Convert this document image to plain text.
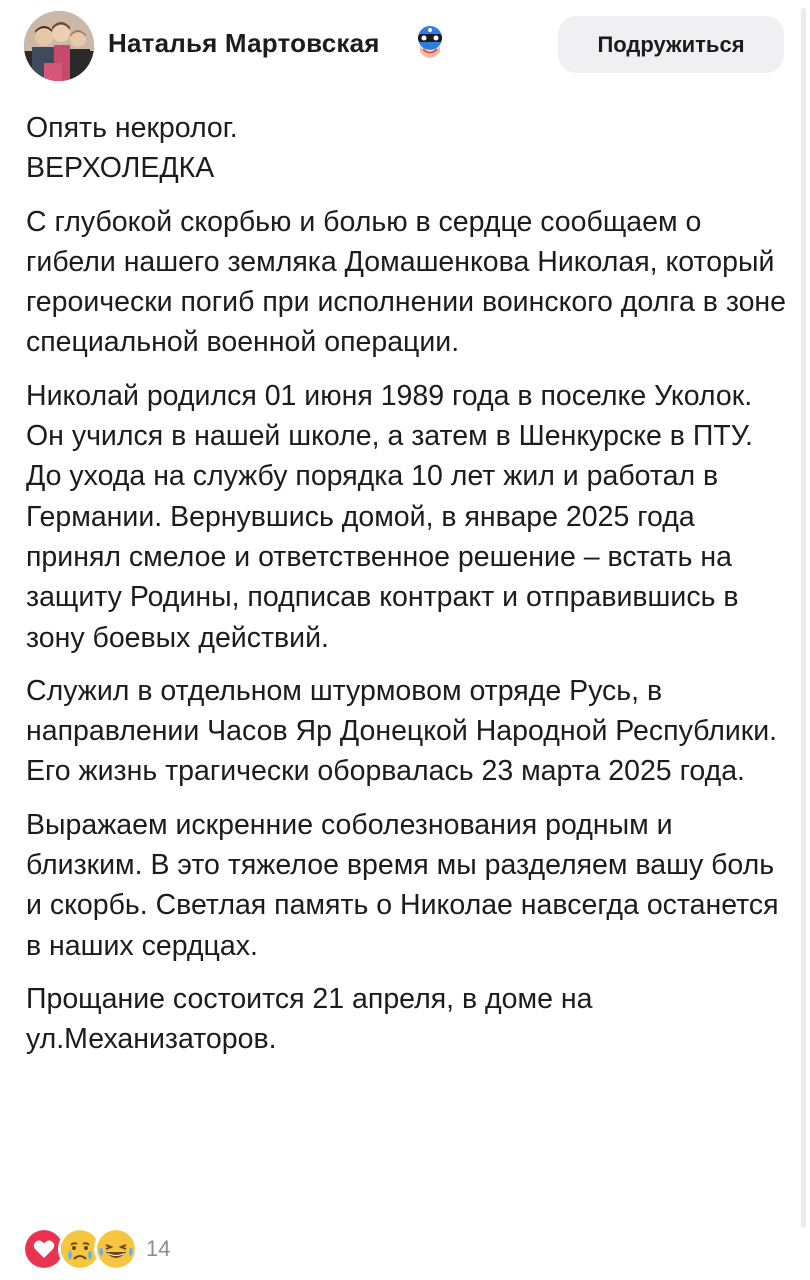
Наталья Мартовская	Подружиться

Опять некролог.
ВЕРХОЛЕДКА

С глубокой скорбью и болью в сердце сообщаем о гибели нашего земляка Домашенкова Николая, который героически погиб при исполнении воинского долга в зоне специальной военной операции.

Николай родился 01 июня 1989 года в поселке Уколок. Он учился в нашей школе, а затем в Шенкурске в ПТУ. До ухода на службу порядка 10 лет жил и работал в Германии. Вернувшись домой, в январе 2025 года принял смелое и ответственное решение – встать на защиту Родины, подписав контракт и отправившись в зону боевых действий.

Служил в отдельном штурмовом отряде Русь, в направлении Часов Яр Донецкой Народной Республики. Его жизнь трагически оборвалась 23 марта 2025 года.

Выражаем искренние соболезнования родным и близким. В это тяжелое время мы разделяем вашу боль и скорбь. Светлая память о Николае навсегда останется в наших сердцах.

Прощание состоится 21 апреля, в доме на ул.Механизаторов.

14
